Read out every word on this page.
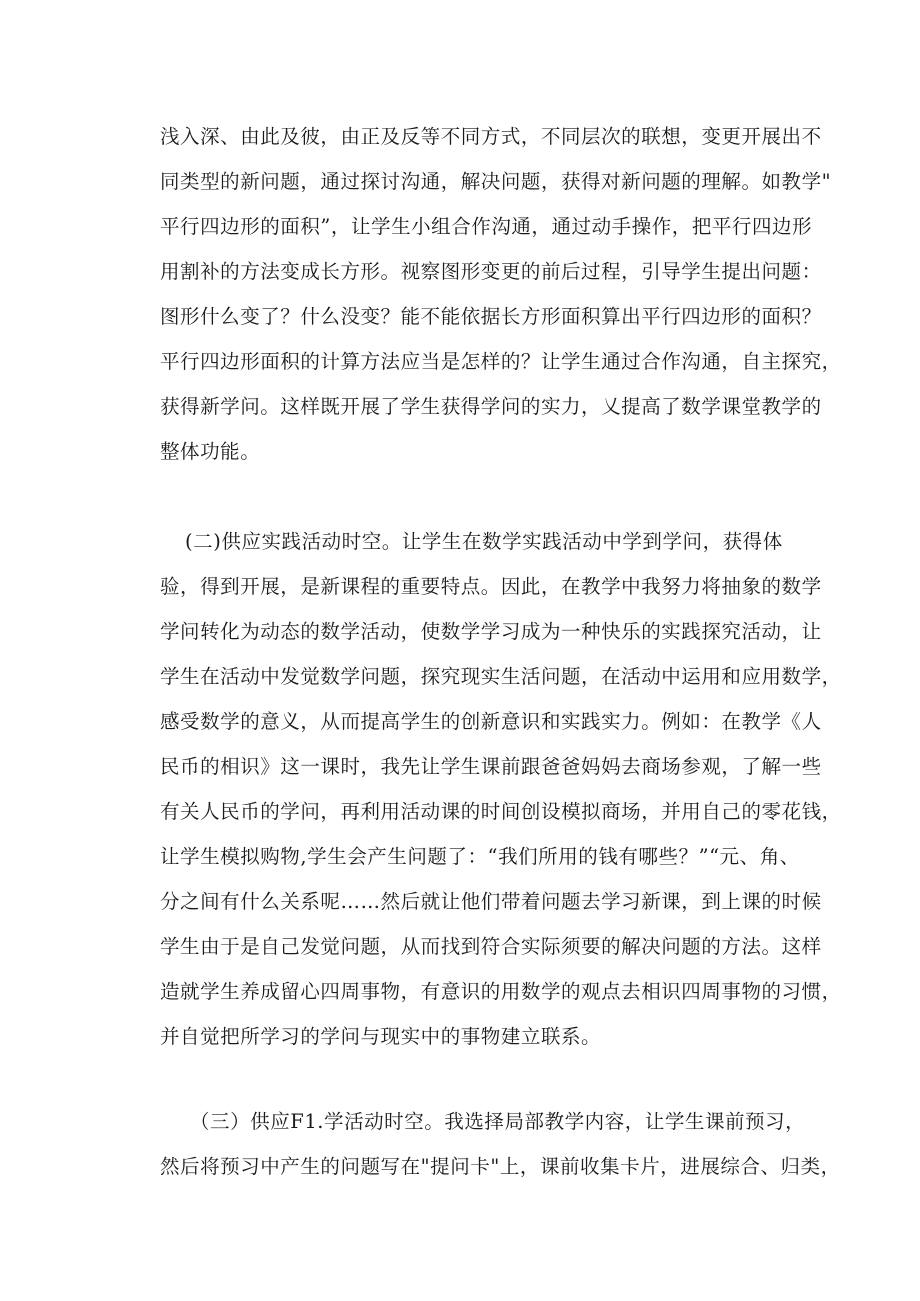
浅入深、由此及彼，由正及反等不同方式，不同层次的联想，变更开展出不
同类型的新问题，通过探讨沟通，解决问题，获得对新问题的理解。如教学"
平行四边形的面积”，让学生小组合作沟通，通过动手操作，把平行四边形
用割补的方法变成长方形。视察图形变更的前后过程，引导学生提出问题：
图形什么变了？什么没变？能不能依据长方形面积算出平行四边形的面积？
平行四边形面积的计算方法应当是怎样的？让学生通过合作沟通，自主探究，
获得新学问。这样既开展了学生获得学问的实力，乂提高了数学课堂教学的
整体功能。
(二)供应实践活动时空。让学生在数学实践活动中学到学问，获得体
验，得到开展，是新课程的重要特点。因此，在教学中我努力将抽象的数学
学问转化为动态的数学活动，使数学学习成为一种快乐的实践探究活动，让
学生在活动中发觉数学问题，探究现实生活问题，在活动中运用和应用数学，
感受数学的意义，从而提高学生的创新意识和实践实力。例如：在教学《人
民币的相识》这一课时，我先让学生课前跟爸爸妈妈去商场参观，了解一些
有关人民币的学问，再利用活动课的时间创设模拟商场，并用自己的零花钱，
让学生模拟购物,学生会产生问题了：“我们所用的钱有哪些？”“元、角、
分之间有什么关系呢……然后就让他们带着问题去学习新课，到上课的时候
学生由于是自己发觉问题，从而找到符合实际须要的解决问题的方法。这样
造就学生养成留心四周事物，有意识的用数学的观点去相识四周事物的习惯，
并自觉把所学习的学问与现实中的事物建立联系。
（三）供应F1.学活动时空。我选择局部教学内容，让学生课前预习，
然后将预习中产生的问题写在"提问卡"上，课前收集卡片，进展综合、归类，
